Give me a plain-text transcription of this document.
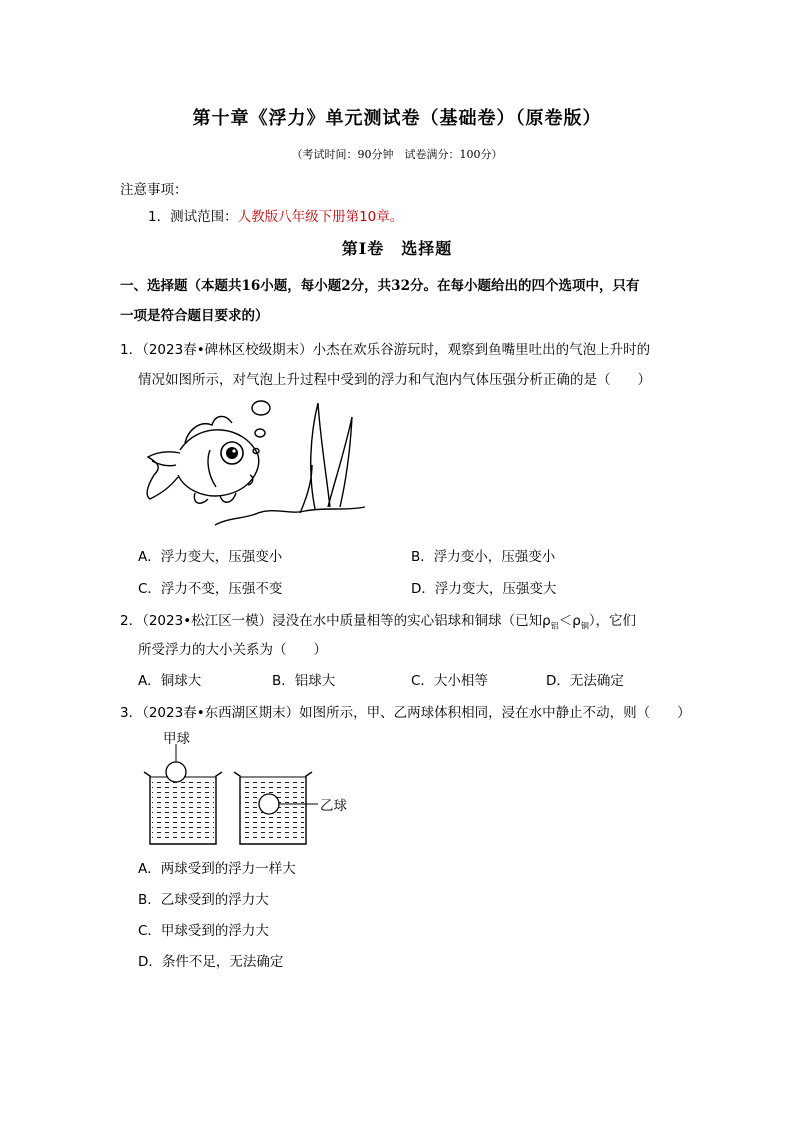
第十章《浮力》单元测试卷（基础卷）（原卷版）
（考试时间：90分钟　试卷满分：100分）
注意事项：
1．测试范围：人教版八年级下册第10章。
第Ⅰ卷　选择题
一、选择题（本题共16小题，每小题2分，共32分。在每小题给出的四个选项中，只有
一项是符合题目要求的）
1．（2023春•碑林区校级期末）小杰在欢乐谷游玩时，观察到鱼嘴里吐出的气泡上升时的
情况如图所示，对气泡上升过程中受到的浮力和气泡内气体压强分析正确的是（　　）
A．浮力变大，压强变小	B．浮力变小，压强变小
C．浮力不变，压强不变	D．浮力变大，压强变大
2．（2023•松江区一模）浸没在水中质量相等的实心铝球和铜球（已知$\rho_铝<\rho_铜$），它们
所受浮力的大小关系为（　　）
A．铜球大	B．铝球大	C．大小相等	D．无法确定
3．（2023春•东西湖区期末）如图所示，甲、乙两球体积相同，浸在水中静止不动，则（　　）
甲球
乙球
A．两球受到的浮力一样大
B．乙球受到的浮力大
C．甲球受到的浮力大
D．条件不足，无法确定
